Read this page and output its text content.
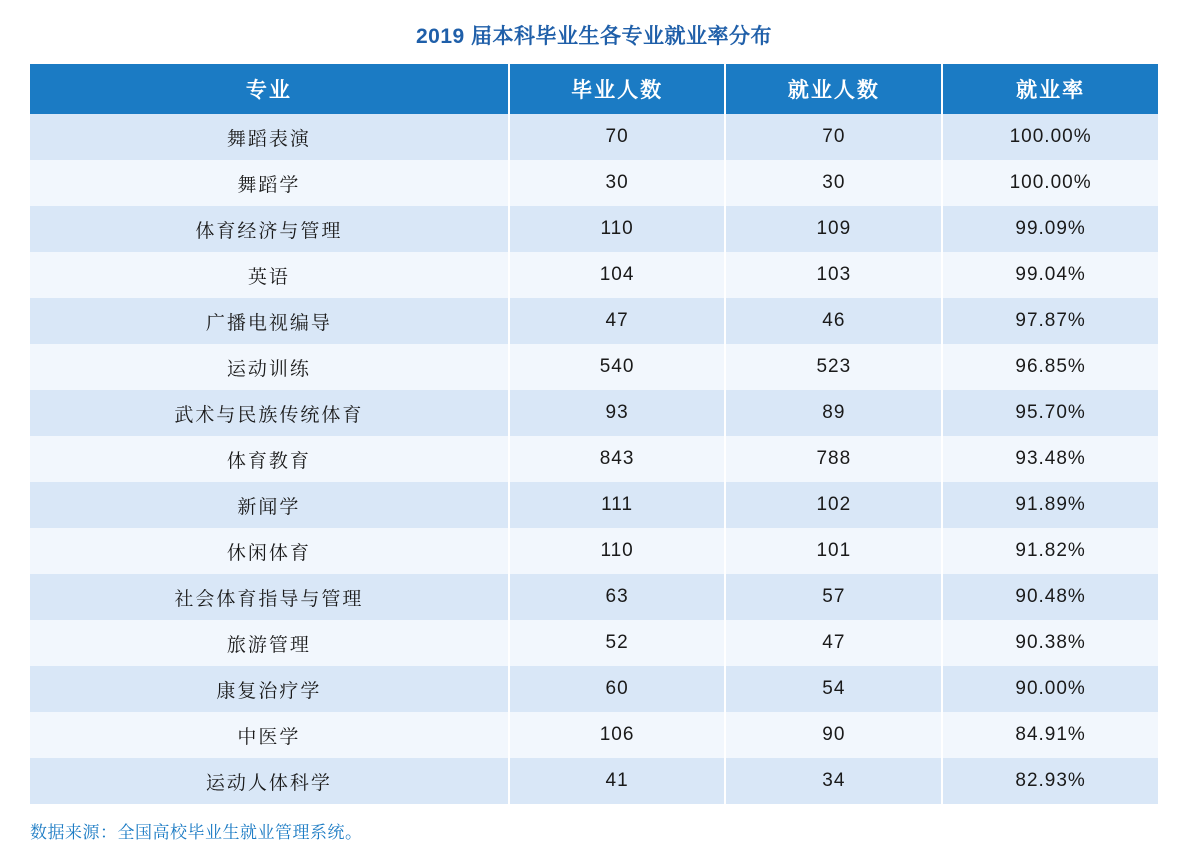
2019 届本科毕业生各专业就业率分布
专业	毕业人数	就业人数	就业率
舞蹈表演	70	70	100.00%
舞蹈学	30	30	100.00%
体育经济与管理	110	109	99.09%
英语	104	103	99.04%
广播电视编导	47	46	97.87%
运动训练	540	523	96.85%
武术与民族传统体育	93	89	95.70%
体育教育	843	788	93.48%
新闻学	111	102	91.89%
休闲体育	110	101	91.82%
社会体育指导与管理	63	57	90.48%
旅游管理	52	47	90.38%
康复治疗学	60	54	90.00%
中医学	106	90	84.91%
运动人体科学	41	34	82.93%
数据来源：全国高校毕业生就业管理系统。
